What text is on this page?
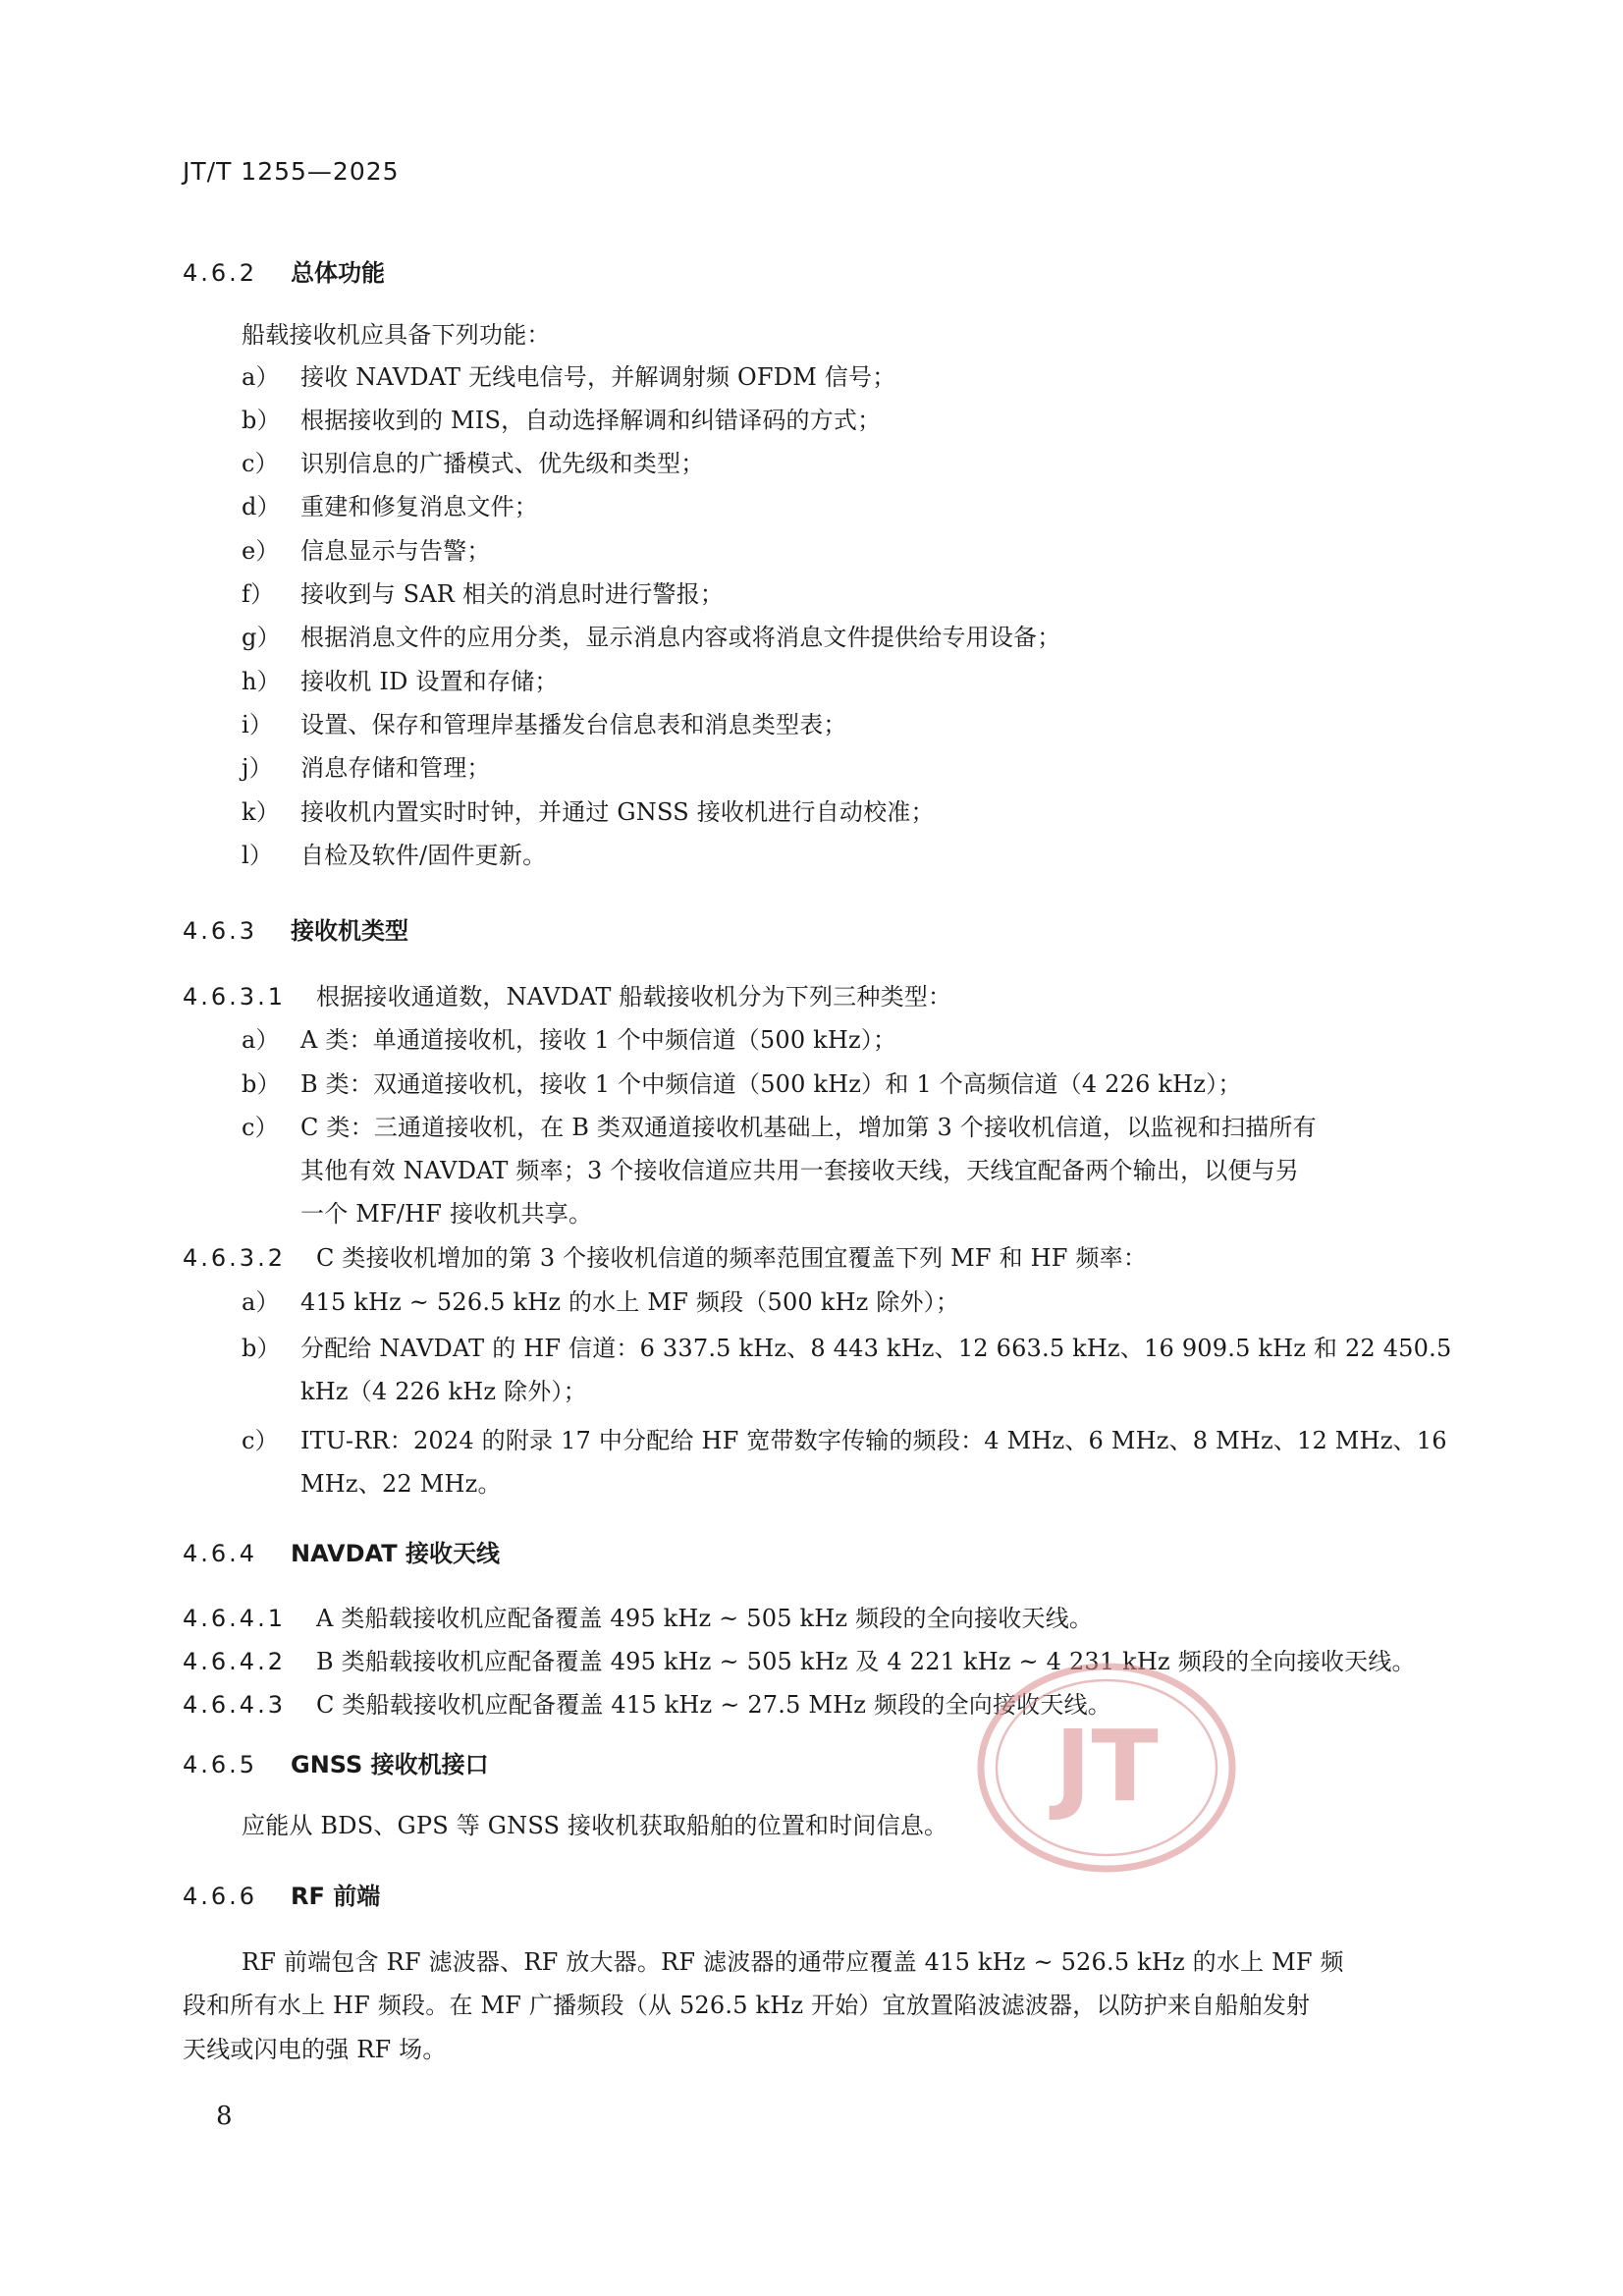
JT/T 1255—2025
4.6.2 总体功能
船载接收机应具备下列功能：
a） 接收 NAVDAT 无线电信号，并解调射频 OFDM 信号；
b） 根据接收到的 MIS，自动选择解调和纠错译码的方式；
c） 识别信息的广播模式、优先级和类型；
d） 重建和修复消息文件；
e） 信息显示与告警；
f） 接收到与 SAR 相关的消息时进行警报；
g） 根据消息文件的应用分类，显示消息内容或将消息文件提供给专用设备；
h） 接收机 ID 设置和存储；
i） 设置、保存和管理岸基播发台信息表和消息类型表；
j） 消息存储和管理；
k） 接收机内置实时时钟，并通过 GNSS 接收机进行自动校准；
l） 自检及软件/固件更新。
4.6.3 接收机类型
4.6.3.1 根据接收通道数，NAVDAT 船载接收机分为下列三种类型：
a） A 类：单通道接收机，接收 1 个中频信道（500 kHz）；
b） B 类：双通道接收机，接收 1 个中频信道（500 kHz）和 1 个高频信道（4 226 kHz）；
c） C 类：三通道接收机，在 B 类双通道接收机基础上，增加第 3 个接收机信道，以监视和扫描所有
其他有效 NAVDAT 频率；3 个接收信道应共用一套接收天线，天线宜配备两个输出，以便与另
一个 MF/HF 接收机共享。
4.6.3.2 C 类接收机增加的第 3 个接收机信道的频率范围宜覆盖下列 MF 和 HF 频率：
a） 415 kHz ~ 526.5 kHz 的水上 MF 频段（500 kHz 除外）；
b） 分配给 NAVDAT 的 HF 信道：6 337.5 kHz、8 443 kHz、12 663.5 kHz、16 909.5 kHz 和 22 450.5
kHz（4 226 kHz 除外）；
c） ITU-RR：2024 的附录 17 中分配给 HF 宽带数字传输的频段：4 MHz、6 MHz、8 MHz、12 MHz、16
MHz、22 MHz。
4.6.4 NAVDAT 接收天线
4.6.4.1 A 类船载接收机应配备覆盖 495 kHz ~ 505 kHz 频段的全向接收天线。
4.6.4.2 B 类船载接收机应配备覆盖 495 kHz ~ 505 kHz 及 4 221 kHz ~ 4 231 kHz 频段的全向接收天线。
4.6.4.3 C 类船载接收机应配备覆盖 415 kHz ~ 27.5 MHz 频段的全向接收天线。
JT
4.6.5 GNSS 接收机接口
应能从 BDS、GPS 等 GNSS 接收机获取船舶的位置和时间信息。
4.6.6 RF 前端
RF 前端包含 RF 滤波器、RF 放大器。RF 滤波器的通带应覆盖 415 kHz ~ 526.5 kHz 的水上 MF 频
段和所有水上 HF 频段。在 MF 广播频段（从 526.5 kHz 开始）宜放置陷波滤波器，以防护来自船舶发射
天线或闪电的强 RF 场。
8
